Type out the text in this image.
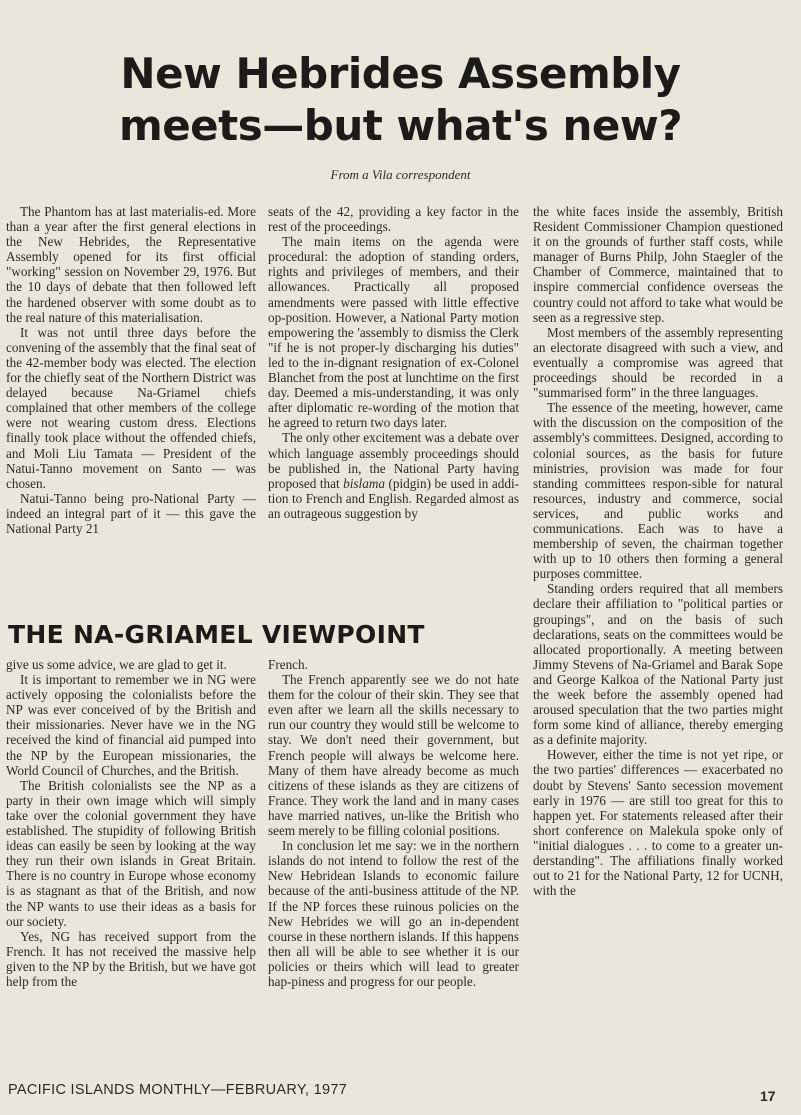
New Hebrides Assembly
meets—but what's new?
From a Vila correspondent

The Phantom has at last materialis-ed. More than a year after the first general elections in the New Hebrides, the Representative Assembly opened for its first official "working" session on November 29, 1976. But the 10 days of debate that then followed left the hardened observer with some doubt as to the real nature of this materialisation.

It was not until three days before the convening of the assembly that the final seat of the 42-member body was elected. The election for the chiefly seat of the Northern District was delayed because Na-Griamel chiefs complained that other members of the college were not wearing custom dress. Elections finally took place without the offended chiefs, and Moli Liu Tamata — President of the Natui-Tanno movement on Santo — was chosen.

Natui-Tanno being pro-National Party — indeed an integral part of it — this gave the National Party 21

seats of the 42, providing a key factor in the rest of the proceedings.

The main items on the agenda were procedural: the adoption of standing orders, rights and privileges of members, and their allowances. Practically all proposed amendments were passed with little effective op-position. However, a National Party motion empowering the 'assembly to dismiss the Clerk "if he is not proper-ly discharging his duties" led to the in-dignant resignation of ex-Colonel Blanchet from the post at lunchtime on the first day. Deemed a mis-understanding, it was only after diplomatic re-wording of the motion that he agreed to return two days later.

The only other excitement was a debate over which language assembly proceedings should be published in, the National Party having proposed that bislama (pidgin) be used in addi-tion to French and English. Regarded almost as an outrageous suggestion by

the white faces inside the assembly, British Resident Commissioner Champion questioned it on the grounds of further staff costs, while manager of Burns Philp, John Staegler of the Chamber of Commerce, maintained that to inspire commercial confidence overseas the country could not afford to take what would be seen as a regressive step.

Most members of the assembly representing an electorate disagreed with such a view, and eventually a compromise was agreed that proceedings should be recorded in a "summarised form" in the three languages.

The essence of the meeting, however, came with the discussion on the composition of the assembly's committees. Designed, according to colonial sources, as the basis for future ministries, provision was made for four standing committees respon-sible for natural resources, industry and commerce, social services, and public works and communications. Each was to have a membership of seven, the chairman together with up to 10 others then forming a general purposes committee.

Standing orders required that all members declare their affiliation to "political parties or groupings", and on the basis of such declarations, seats on the committees would be allocated proportionally. A meeting between Jimmy Stevens of Na-Griamel and Barak Sope and George Kalkoa of the National Party just the week before the assembly opened had aroused speculation that the two parties might form some kind of alliance, thereby emerging as a definite majority.

However, either the time is not yet ripe, or the two parties' differences — exacerbated no doubt by Stevens' Santo secession movement early in 1976 — are still too great for this to happen yet. For statements released after their short conference on Malekula spoke only of "initial dialogues . . . to come to a greater un-derstanding". The affiliations finally worked out to 21 for the National Party, 12 for UCNH, with the

THE NA-GRIAMEL VIEWPOINT

give us some advice, we are glad to get it.

It is important to remember we in NG were actively opposing the colonialists before the NP was ever conceived of by the British and their missionaries. Never have we in the NG received the kind of financial aid pumped into the NP by the European missionaries, the World Council of Churches, and the British.

The British colonialists see the NP as a party in their own image which will simply take over the colonial government they have established. The stupidity of following British ideas can easily be seen by looking at the way they run their own islands in Great Britain. There is no country in Europe whose economy is as stagnant as that of the British, and now the NP wants to use their ideas as a basis for our society.

Yes, NG has received support from the French. It has not received the massive help given to the NP by the British, but we have got help from the

French.

The French apparently see we do not hate them for the colour of their skin. They see that even after we learn all the skills necessary to run our country they would still be welcome to stay. We don't need their government, but French people will always be welcome here. Many of them have already become as much citizens of these islands as they are citizens of France. They work the land and in many cases have married natives, un-like the British who seem merely to be filling colonial positions.

In conclusion let me say: we in the northern islands do not intend to follow the rest of the New Hebridean Islands to economic failure because of the anti-business attitude of the NP. If the NP forces these ruinous policies on the New Hebrides we will go an in-dependent course in these northern islands. If this happens then all will be able to see whether it is our policies or theirs which will lead to greater hap-piness and progress for our people.

PACIFIC ISLANDS MONTHLY—FEBRUARY, 1977	17
